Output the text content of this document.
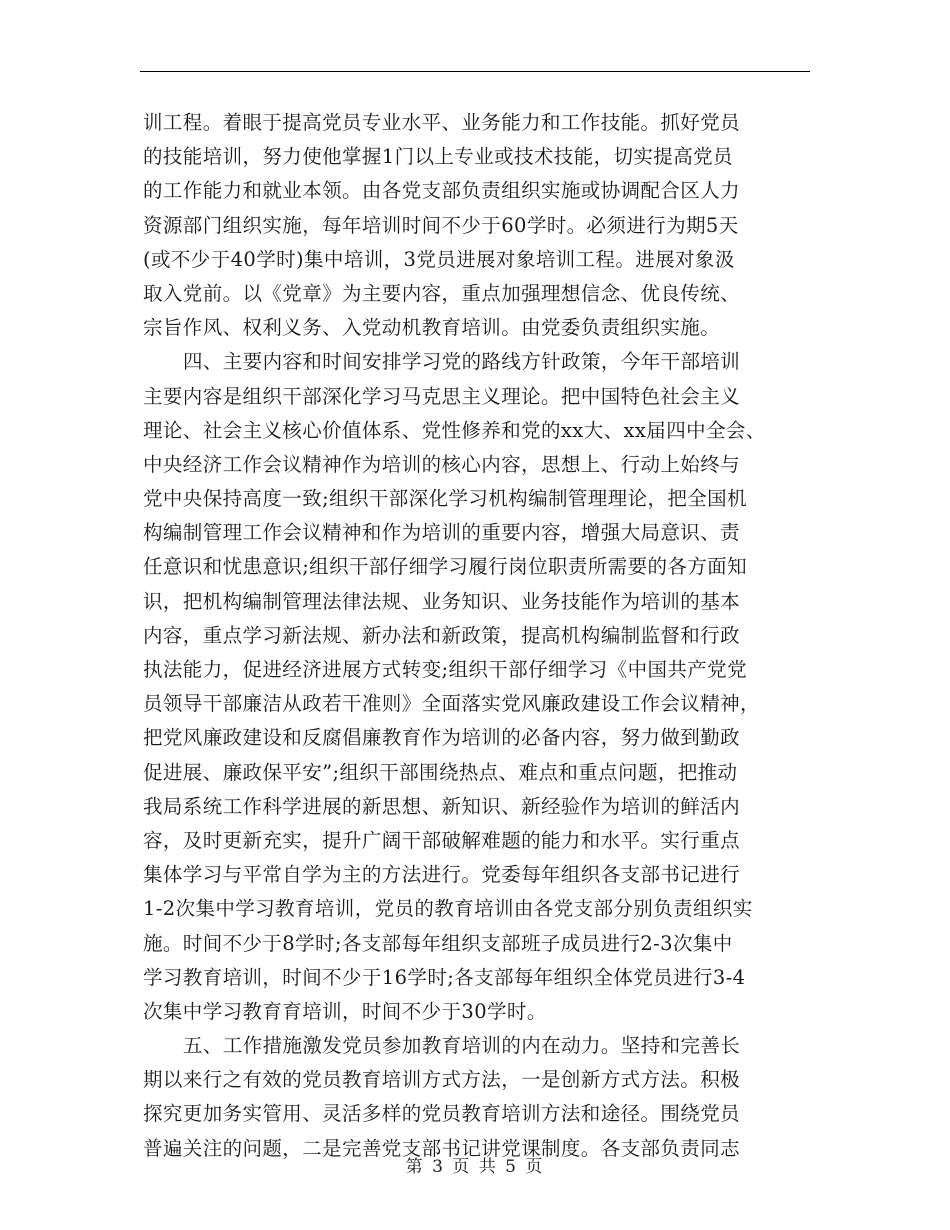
训工程。着眼于提高党员专业水平、业务能力和工作技能。抓好党员
的技能培训，努力使他掌握1门以上专业或技术技能，切实提高党员
的工作能力和就业本领。由各党支部负责组织实施或协调配合区人力
资源部门组织实施，每年培训时间不少于60学时。必须进行为期5天
(或不少于40学时)集中培训，3党员进展对象培训工程。进展对象汲
取入党前。以《党章》为主要内容，重点加强理想信念、优良传统、
宗旨作风、权利义务、入党动机教育培训。由党委负责组织实施。
四、主要内容和时间安排学习党的路线方针政策，今年干部培训
主要内容是组织干部深化学习马克思主义理论。把中国特色社会主义
理论、社会主义核心价值体系、党性修养和党的xx大、xx届四中全会、
中央经济工作会议精神作为培训的核心内容，思想上、行动上始终与
党中央保持高度一致;组织干部深化学习机构编制管理理论，把全国机
构编制管理工作会议精神和作为培训的重要内容，增强大局意识、责
任意识和忧患意识;组织干部仔细学习履行岗位职责所需要的各方面知
识，把机构编制管理法律法规、业务知识、业务技能作为培训的基本
内容，重点学习新法规、新办法和新政策，提高机构编制监督和行政
执法能力，促进经济进展方式转变;组织干部仔细学习《中国共产党党
员领导干部廉洁从政若干准则》全面落实党风廉政建设工作会议精神，
把党风廉政建设和反腐倡廉教育作为培训的必备内容，努力做到勤政
促进展、廉政保平安”;组织干部围绕热点、难点和重点问题，把推动
我局系统工作科学进展的新思想、新知识、新经验作为培训的鲜活内
容，及时更新充实，提升广阔干部破解难题的能力和水平。实行重点
集体学习与平常自学为主的方法进行。党委每年组织各支部书记进行
1-2次集中学习教育培训，党员的教育培训由各党支部分别负责组织实
施。时间不少于8学时;各支部每年组织支部班子成员进行2-3次集中
学习教育培训，时间不少于16学时;各支部每年组织全体党员进行3-4
次集中学习教育育培训，时间不少于30学时。
五、工作措施激发党员参加教育培训的内在动力。坚持和完善长
期以来行之有效的党员教育培训方式方法，一是创新方式方法。积极
探究更加务实管用、灵活多样的党员教育培训方法和途径。围绕党员
普遍关注的问题，二是完善党支部书记讲党课制度。各支部负责同志
第 3 页 共 5 页
